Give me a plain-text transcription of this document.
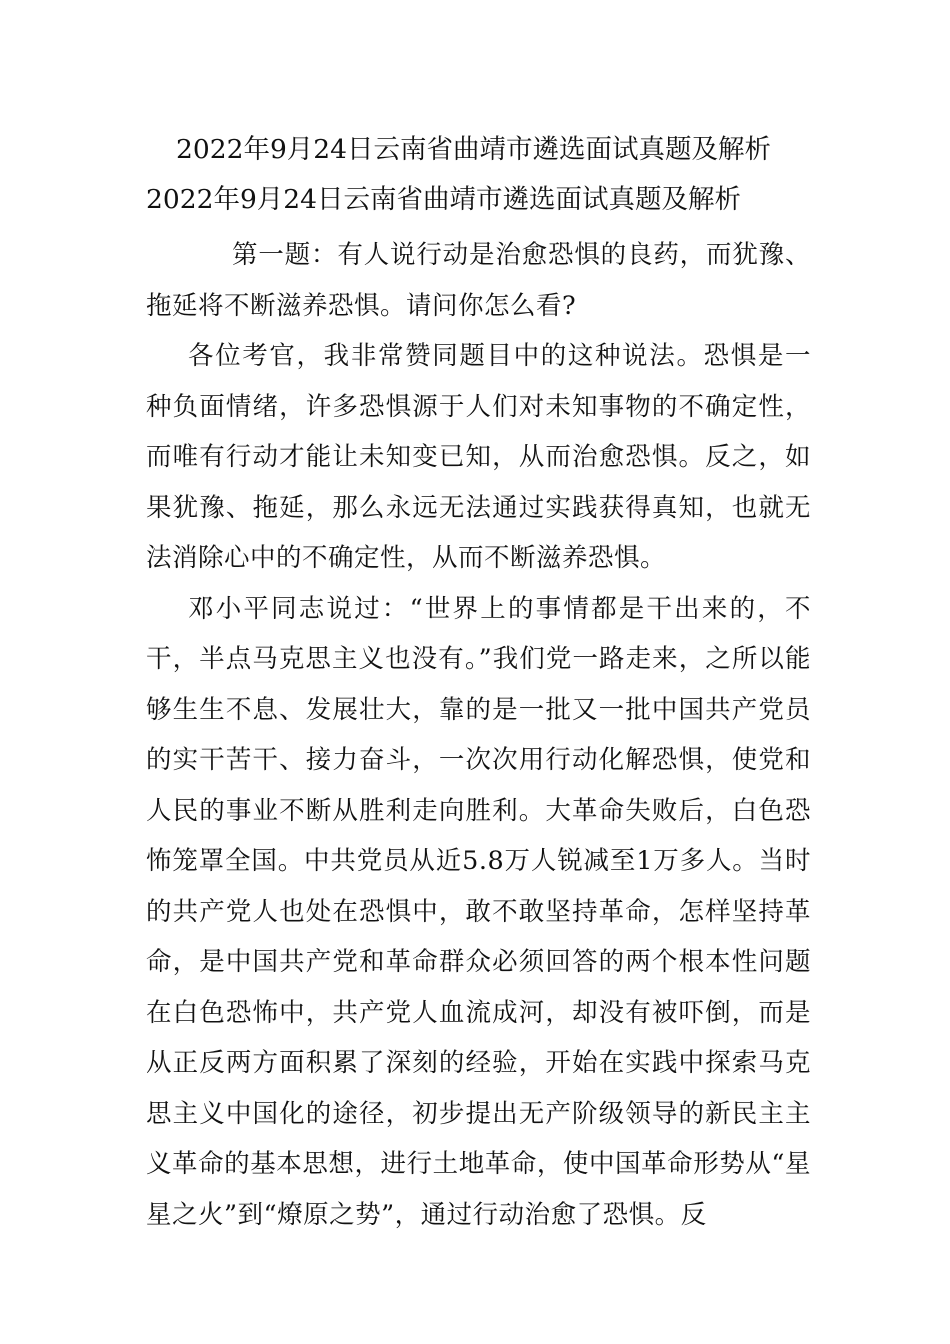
2022年9月24日云南省曲靖市遴选面试真题及解析
2022年9月24日云南省曲靖市遴选面试真题及解析

第一题：有人说行动是治愈恐惧的良药，而犹豫、拖延将不断滋养恐惧。请问你怎么看?

各位考官，我非常赞同题目中的这种说法。恐惧是一种负面情绪，许多恐惧源于人们对未知事物的不确定性，而唯有行动才能让未知变已知，从而治愈恐惧。反之，如果犹豫、拖延，那么永远无法通过实践获得真知，也就无法消除心中的不确定性，从而不断滋养恐惧。

邓小平同志说过：“世界上的事情都是干出来的，不干，半点马克思主义也没有。”我们党一路走来，之所以能够生生不息、发展壮大，靠的是一批又一批中国共产党员的实干苦干、接力奋斗，一次次用行动化解恐惧，使党和人民的事业不断从胜利走向胜利。大革命失败后，白色恐怖笼罩全国。中共党员从近5.8万人锐减至1万多人。当时的共产党人也处在恐惧中，敢不敢坚持革命，怎样坚持革命，是中国共产党和革命群众必须回答的两个根本性问题在白色恐怖中，共产党人血流成河，却没有被吓倒，而是从正反两方面积累了深刻的经验，开始在实践中探索马克思主义中国化的途径，初步提出无产阶级领导的新民主主义革命的基本思想，进行土地革命，使中国革命形势从“星星之火”到“燎原之势”，通过行动治愈了恐惧。反
